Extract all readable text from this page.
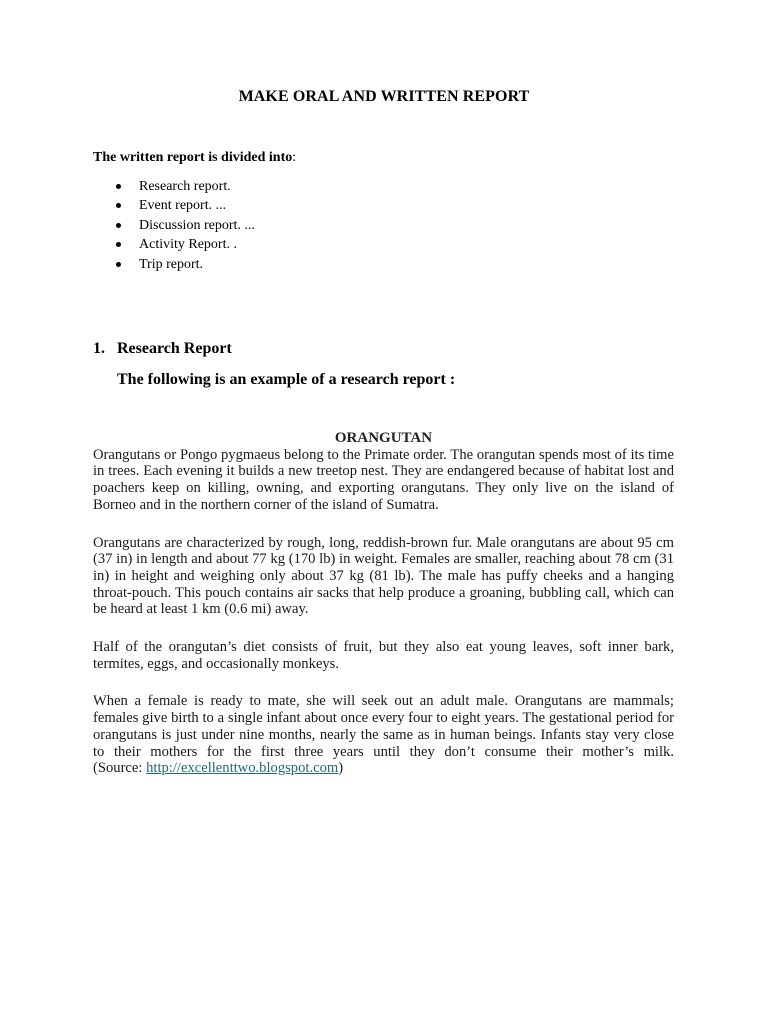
MAKE ORAL AND WRITTEN REPORT
The written report is divided into:
Research report.
Event report. ...
Discussion report. ...
Activity Report. .
Trip report.
1. Research Report
The following is an example of a research report :

ORANGUTAN

Orangutans or Pongo pygmaeus belong to the Primate order. The orangutan spends most of its time in trees. Each evening it builds a new treetop nest. They are endangered because of habitat lost and poachers keep on killing, owning, and exporting orangutans. They only live on the island of Borneo and in the northern corner of the island of Sumatra.

Orangutans are characterized by rough, long, reddish-brown fur. Male orangutans are about 95 cm (37 in) in length and about 77 kg (170 lb) in weight. Females are smaller, reaching about 78 cm (31 in) in height and weighing only about 37 kg (81 lb). The male has puffy cheeks and a hanging throat-pouch. This pouch contains air sacks that help produce a groaning, bubbling call, which can be heard at least 1 km (0.6 mi) away.

Half of the orangutan’s diet consists of fruit, but they also eat young leaves, soft inner bark, termites, eggs, and occasionally monkeys.

When a female is ready to mate, she will seek out an adult male. Orangutans are mammals; females give birth to a single infant about once every four to eight years. The gestational period for orangutans is just under nine months, nearly the same as in human beings. Infants stay very close to their mothers for the first three years until they don’t consume their mother’s milk.

(Source: http://excellenttwo.blogspot.com)
